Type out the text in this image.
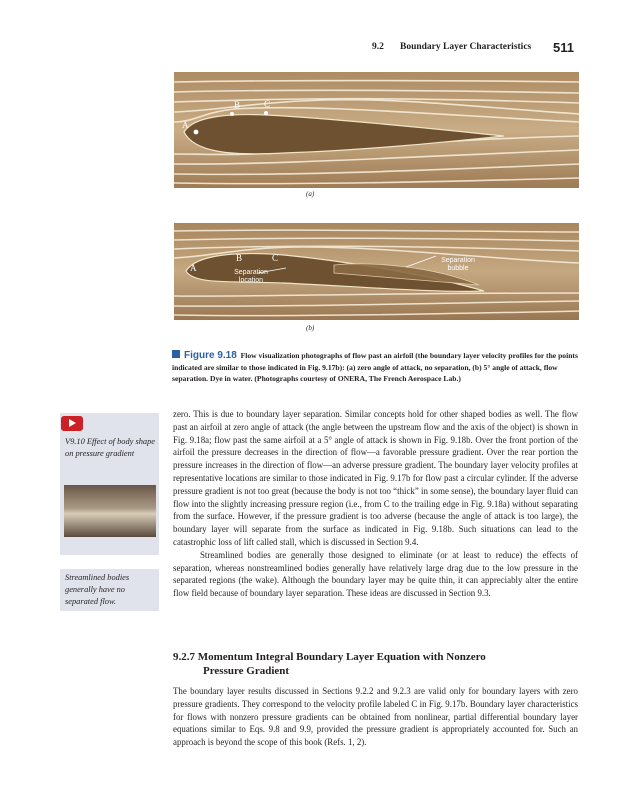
9.2 Boundary Layer Characteristics 511
A
B	C
(a)
A
B	C
Separation location
Separation bubble
(b)
Figure 9.18 Flow visualization photographs of flow past an airfoil (the boundary layer velocity profiles for the points indicated are similar to those indicated in Fig. 9.17b): (a) zero angle of attack, no separation, (b) 5° angle of attack, flow separation. Dye in water. (Photographs courtesy of ONERA, The French Aerospace Lab.)
V9.10 Effect of body shape on pressure gradient
Streamlined bodies generally have no separated flow.

zero. This is due to boundary layer separation. Similar concepts hold for other shaped bodies as well. The flow past an airfoil at zero angle of attack (the angle between the upstream flow and the axis of the object) is shown in Fig. 9.18a; flow past the same airfoil at a 5° angle of attack is shown in Fig. 9.18b. Over the front portion of the airfoil the pressure decreases in the direction of flow—a favorable pressure gradient. Over the rear portion the pressure increases in the direction of flow—an adverse pressure gradient. The boundary layer velocity profiles at representative locations are similar to those indicated in Fig. 9.17b for flow past a circular cylinder. If the adverse pressure gradient is not too great (because the body is not too “thick” in some sense), the boundary layer fluid can flow into the slightly increasing pressure region (i.e., from C to the trailing edge in Fig. 9.18a) without separating from the surface. However, if the pressure gradient is too adverse (because the angle of attack is too large), the boundary layer will separate from the surface as indicated in Fig. 9.18b. Such situations can lead to the catastrophic loss of lift called stall, which is discussed in Section 9.4.

Streamlined bodies are generally those designed to eliminate (or at least to reduce) the effects of separation, whereas nonstreamlined bodies generally have relatively large drag due to the low pressure in the separated regions (the wake). Although the boundary layer may be quite thin, it can appreciably alter the entire flow field because of boundary layer separation. These ideas are discussed in Section 9.3.

9.2.7 Momentum Integral Boundary Layer Equation with Nonzero
Pressure Gradient

The boundary layer results discussed in Sections 9.2.2 and 9.2.3 are valid only for boundary layers with zero pressure gradients. They correspond to the velocity profile labeled C in Fig. 9.17b. Boundary layer characteristics for flows with nonzero pressure gradients can be obtained from nonlinear, partial differential boundary layer equations similar to Eqs. 9.8 and 9.9, provided the pressure gradient is appropriately accounted for. Such an approach is beyond the scope of this book (Refs. 1, 2).
